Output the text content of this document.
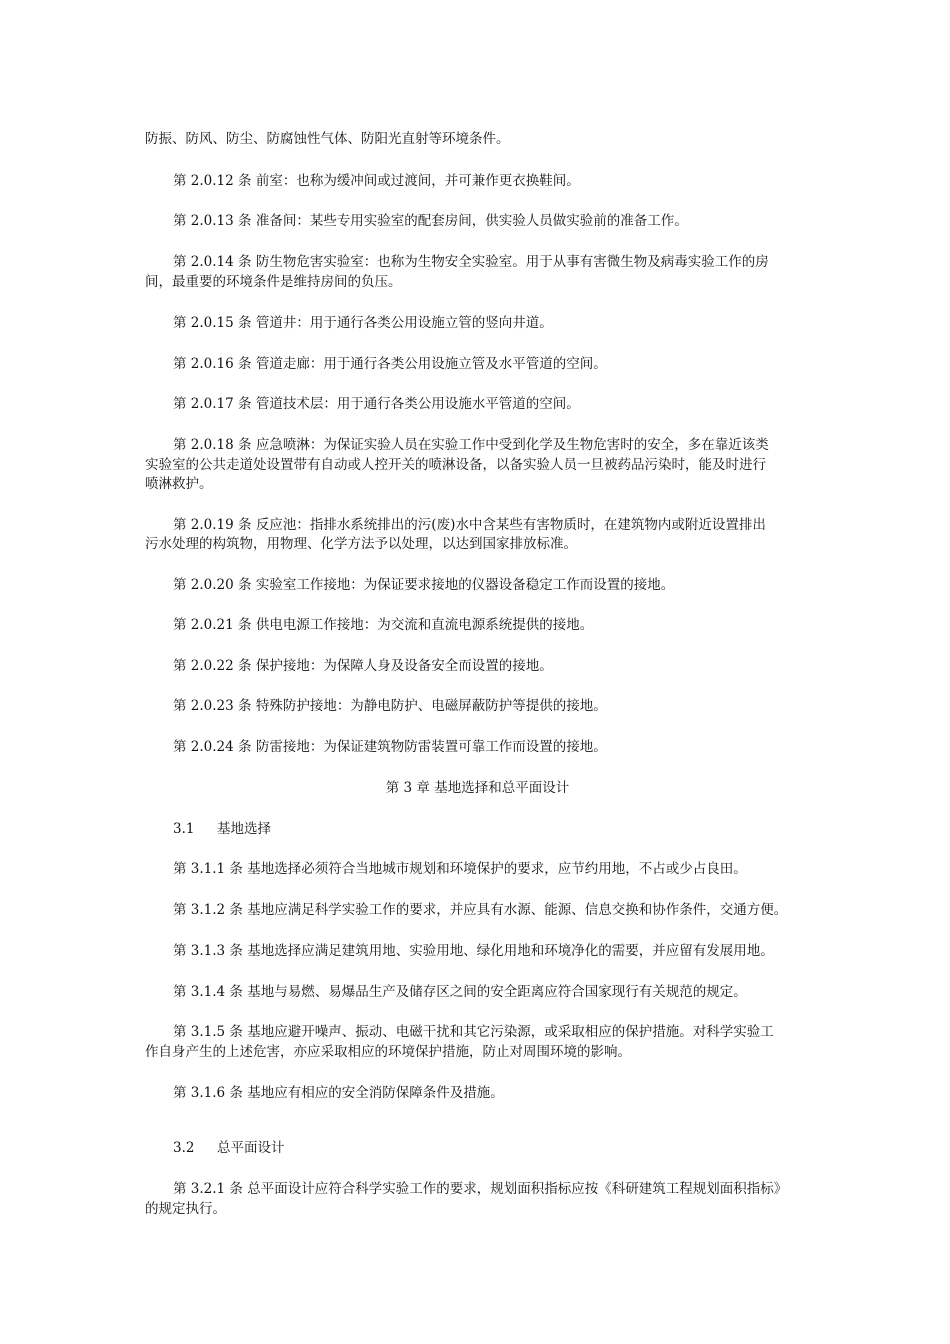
防振、防风、防尘、防腐蚀性气体、防阳光直射等环境条件。
第 2.0.12 条 前室：也称为缓冲间或过渡间，并可兼作更衣换鞋间。
第 2.0.13 条 准备间：某些专用实验室的配套房间，供实验人员做实验前的准备工作。
第 2.0.14 条 防生物危害实验室：也称为生物安全实验室。用于从事有害微生物及病毒实验工作的房
间，最重要的环境条件是维持房间的负压。
第 2.0.15 条 管道井：用于通行各类公用设施立管的竖向井道。
第 2.0.16 条 管道走廊：用于通行各类公用设施立管及水平管道的空间。
第 2.0.17 条 管道技术层：用于通行各类公用设施水平管道的空间。
第 2.0.18 条 应急喷淋：为保证实验人员在实验工作中受到化学及生物危害时的安全，多在靠近该类
实验室的公共走道处设置带有自动或人控开关的喷淋设备，以备实验人员一旦被药品污染时，能及时进行
喷淋救护。
第 2.0.19 条 反应池：指排水系统排出的污(废)水中含某些有害物质时，在建筑物内或附近设置排出
污水处理的构筑物，用物理、化学方法予以处理，以达到国家排放标准。
第 2.0.20 条 实验室工作接地：为保证要求接地的仪器设备稳定工作而设置的接地。
第 2.0.21 条 供电电源工作接地：为交流和直流电源系统提供的接地。
第 2.0.22 条 保护接地：为保障人身及设备安全而设置的接地。
第 2.0.23 条 特殊防护接地：为静电防护、电磁屏蔽防护等提供的接地。
第 2.0.24 条 防雷接地：为保证建筑物防雷装置可靠工作而设置的接地。
第 3 章 基地选择和总平面设计
3.1 基地选择
第 3.1.1 条 基地选择必须符合当地城市规划和环境保护的要求，应节约用地，不占或少占良田。
第 3.1.2 条 基地应满足科学实验工作的要求，并应具有水源、能源、信息交换和协作条件，交通方便。
第 3.1.3 条 基地选择应满足建筑用地、实验用地、绿化用地和环境净化的需要，并应留有发展用地。
第 3.1.4 条 基地与易燃、易爆品生产及储存区之间的安全距离应符合国家现行有关规范的规定。
第 3.1.5 条 基地应避开噪声、振动、电磁干扰和其它污染源，或采取相应的保护措施。对科学实验工
作自身产生的上述危害，亦应采取相应的环境保护措施，防止对周围环境的影响。
第 3.1.6 条 基地应有相应的安全消防保障条件及措施。
3.2 总平面设计
第 3.2.1 条 总平面设计应符合科学实验工作的要求，规划面积指标应按《科研建筑工程规划面积指标》
的规定执行。
